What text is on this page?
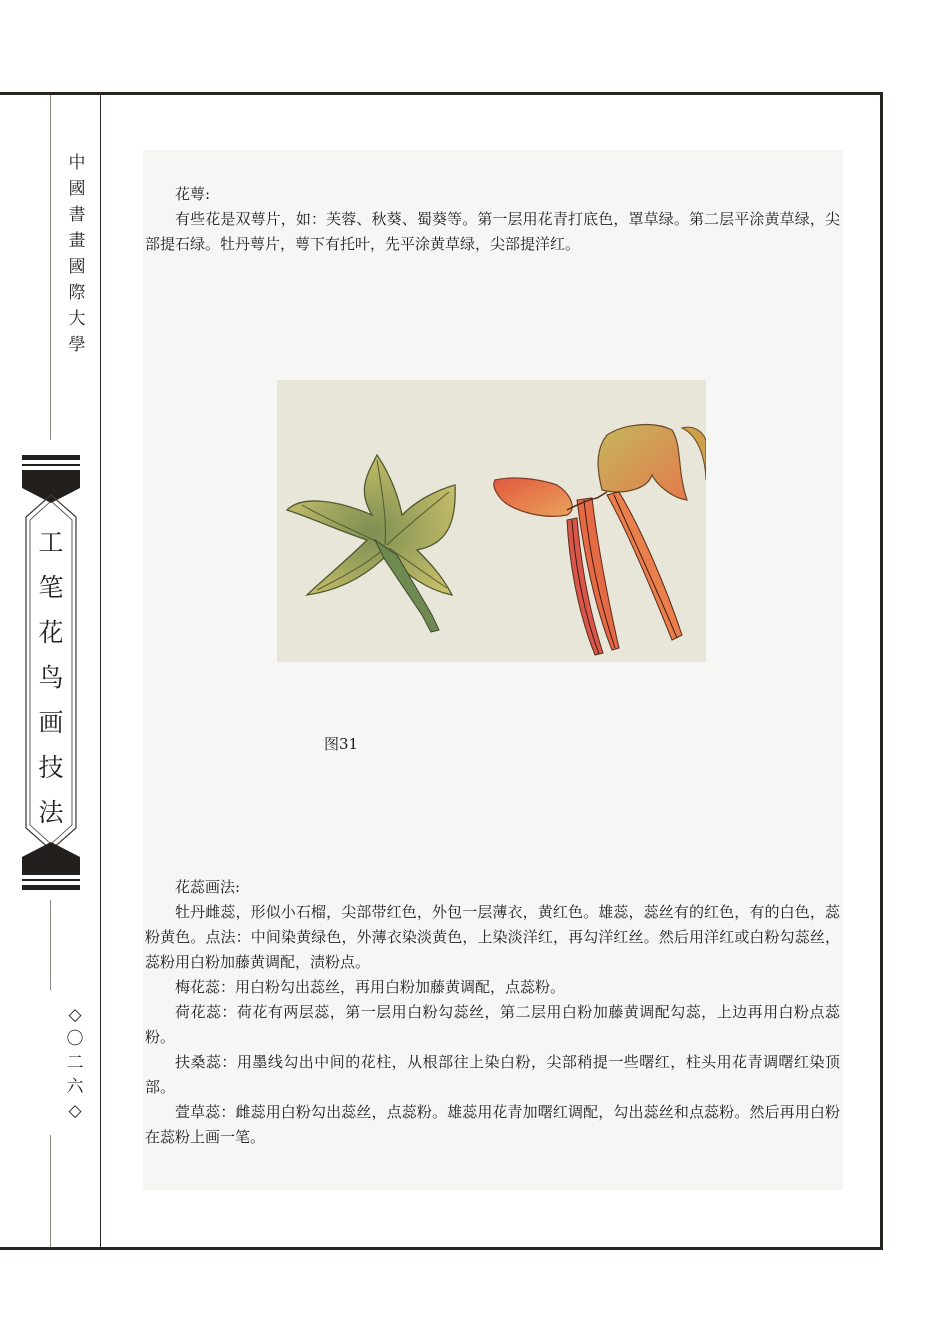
中
國
書
畫
國
際
大
學
工
笔
花
鸟
画
技
法
◇
〇
二
六
◇

花萼:

有些花是双萼片，如：芙蓉、秋葵、蜀葵等。第一层用花青打底色，罩草绿。第二层平涂黄草绿，尖部提石绿。牡丹萼片，萼下有托叶，先平涂黄草绿，尖部提洋红。

图31

花蕊画法:

牡丹雌蕊，形似小石榴，尖部带红色，外包一层薄衣，黄红色。雄蕊，蕊丝有的红色，有的白色，蕊粉黄色。点法：中间染黄绿色，外薄衣染淡黄色，上染淡洋红，再勾洋红丝。然后用洋红或白粉勾蕊丝，蕊粉用白粉加藤黄调配，渍粉点。

梅花蕊：用白粉勾出蕊丝，再用白粉加藤黄调配，点蕊粉。

荷花蕊：荷花有两层蕊，第一层用白粉勾蕊丝，第二层用白粉加藤黄调配勾蕊，上边再用白粉点蕊粉。

扶桑蕊：用墨线勾出中间的花柱，从根部往上染白粉，尖部稍提一些曙红，柱头用花青调曙红染顶部。

萱草蕊：雌蕊用白粉勾出蕊丝，点蕊粉。雄蕊用花青加曙红调配，勾出蕊丝和点蕊粉。然后再用白粉在蕊粉上画一笔。
